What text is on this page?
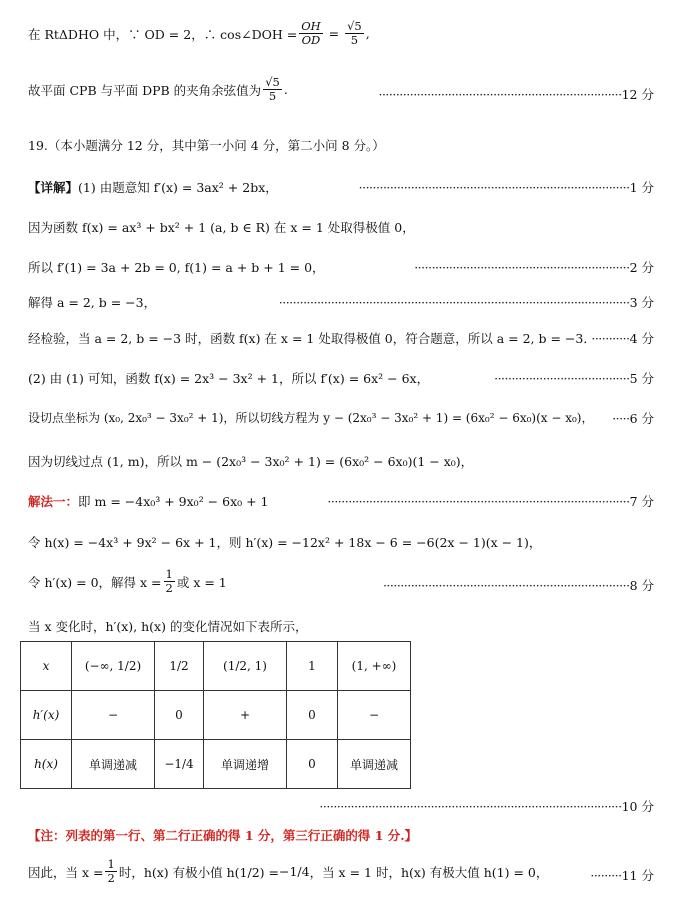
在 RtΔDHO 中，∵ OD = 2，∴ cos∠DOH = $\frac{OH}{OD} = \frac{√5}{5}$ ,
故平面 CPB 与平面 DPB 的夹角余弦值为 $\frac{√5}{5}$ .	······································································12 分
19.（本小题满分 12 分，其中第一小问 4 分，第二小问 8 分。）
【详解】 (1) 由题意知 f′(x) = 3ax² + 2bx，	··············································································1 分
因为函数 f(x) = ax³ + bx² + 1 (a, b ∈ R) 在 x = 1 处取得极值 0，
所以 f′(1) = 3a + 2b = 0, f(1) = a + b + 1 = 0，	······························································2 分
解得 a = 2, b = −3，	·····································································································3 分
经检验，当 a = 2, b = −3 时，函数 f(x) 在 x = 1 处取得极值 0，符合题意，所以 a = 2, b = −3．
···········4 分
(2) 由 (1) 可知，函数 f(x) = 2x³ − 3x² + 1，所以 f′(x) = 6x² − 6x，	·······································5 分
设切点坐标为 (x₀, 2x₀³ − 3x₀² + 1)，所以切线方程为 y − (2x₀³ − 3x₀² + 1) = (6x₀² − 6x₀)(x − x₀)， ·····6 分
因为切线过点 (1, m)，所以 m − (2x₀³ − 3x₀² + 1) = (6x₀² − 6x₀)(1 − x₀)，
解法一： 即 m = −4x₀³ + 9x₀² − 6x₀ + 1	·······················································································7 分
令 h(x) = −4x³ + 9x² − 6x + 1，则 h′(x) = −12x² + 18x − 6 = −6(2x − 1)(x − 1)，
令 h′(x) = 0，解得 $x = \frac{1}{2}$ 或 x = 1	·······································································8 分
当 x 变化时，h′(x), h(x) 的变化情况如下表所示，
x	(−∞, 1/2)	1/2	(1/2, 1)	1	(1, +∞)
h′(x)	−	0	+	0	−
h(x)	单调递减	−1/4	单调递增	0	单调递减
·······················································································10 分
【注：列表的第一行、第二行正确的得 1 分，第三行正确的得 1 分.】
因此，当 $x = \frac{1}{2}$ 时，h(x) 有极小值 h(1/2) = −1/4 ，当 x = 1 时，h(x) 有极大值 h(1) = 0，	·········11 分
